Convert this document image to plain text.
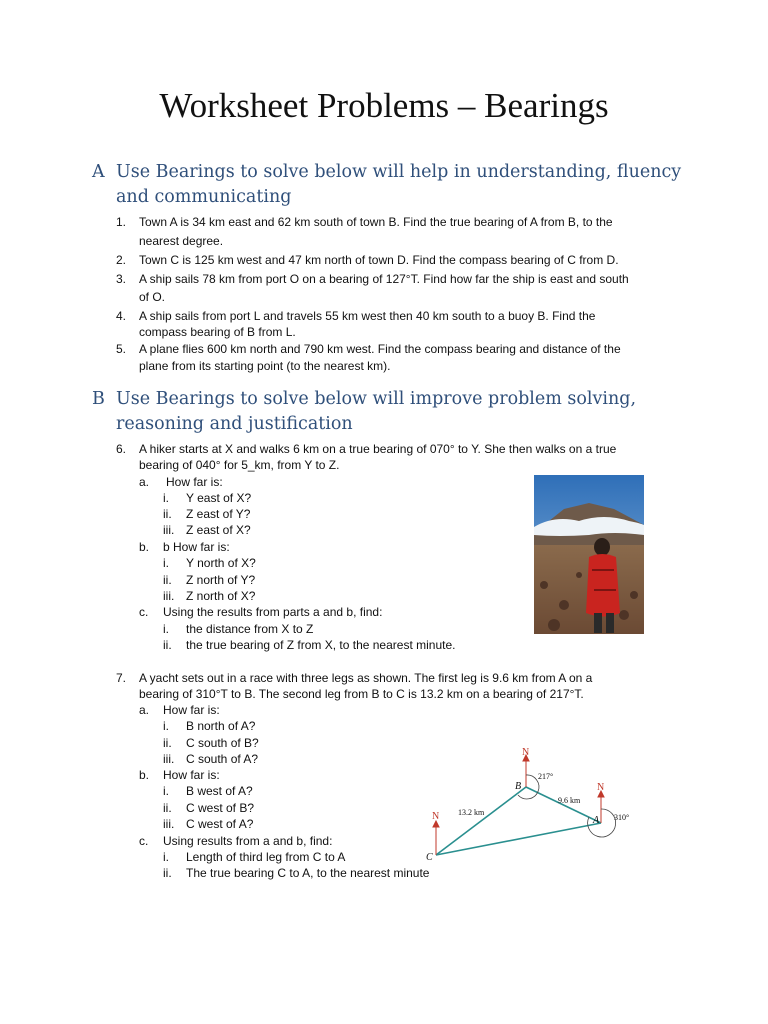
Worksheet Problems – Bearings
A Use Bearings to solve below will help in understanding, fluency
and communicating
1. Town A is 34 km east and 62 km south of town B. Find the true bearing of A from B, to the
nearest degree.
2. Town C is 125 km west and 47 km north of town D. Find the compass bearing of C from D.
3. A ship sails 78 km from port O on a bearing of 127°T. Find how far the ship is east and south
of O.
4. A ship sails from port L and travels 55 km west then 40 km south to a buoy B. Find the
compass bearing of B from L.
5. A plane flies 600 km north and 790 km west. Find the compass bearing and distance of the
plane from its starting point (to the nearest km).
B Use Bearings to solve below will improve problem solving,
reasoning and justification
6. A hiker starts at X and walks 6 km on a true bearing of 070° to Y. She then walks on a true
bearing of 040° for 5_km, from Y to Z.
a. How far is:
i. Y east of X?
ii. Z east of Y?
iii. Z east of X?
b. b How far is:
i. Y north of X?
ii. Z north of Y?
iii. Z north of X?
c. Using the results from parts a and b, find:
i. the distance from X to Z
ii. the true bearing of Z from X, to the nearest minute.
7. A yacht sets out in a race with three legs as shown. The first leg is 9.6 km from A on a
bearing of 310°T to B. The second leg from B to C is 13.2 km on a bearing of 217°T.
a. How far is:
i. B north of A?
ii. C south of B?
iii. C south of A?
b. How far is:
i. B west of A?
ii. C west of B?
iii. C west of A?
c. Using results from a and b, find:
i. Length of third leg from C to A
ii. The true bearing C to A, to the nearest minute
N
N
N
B
A
C
13.2 km
9.6 km
217°
310°
